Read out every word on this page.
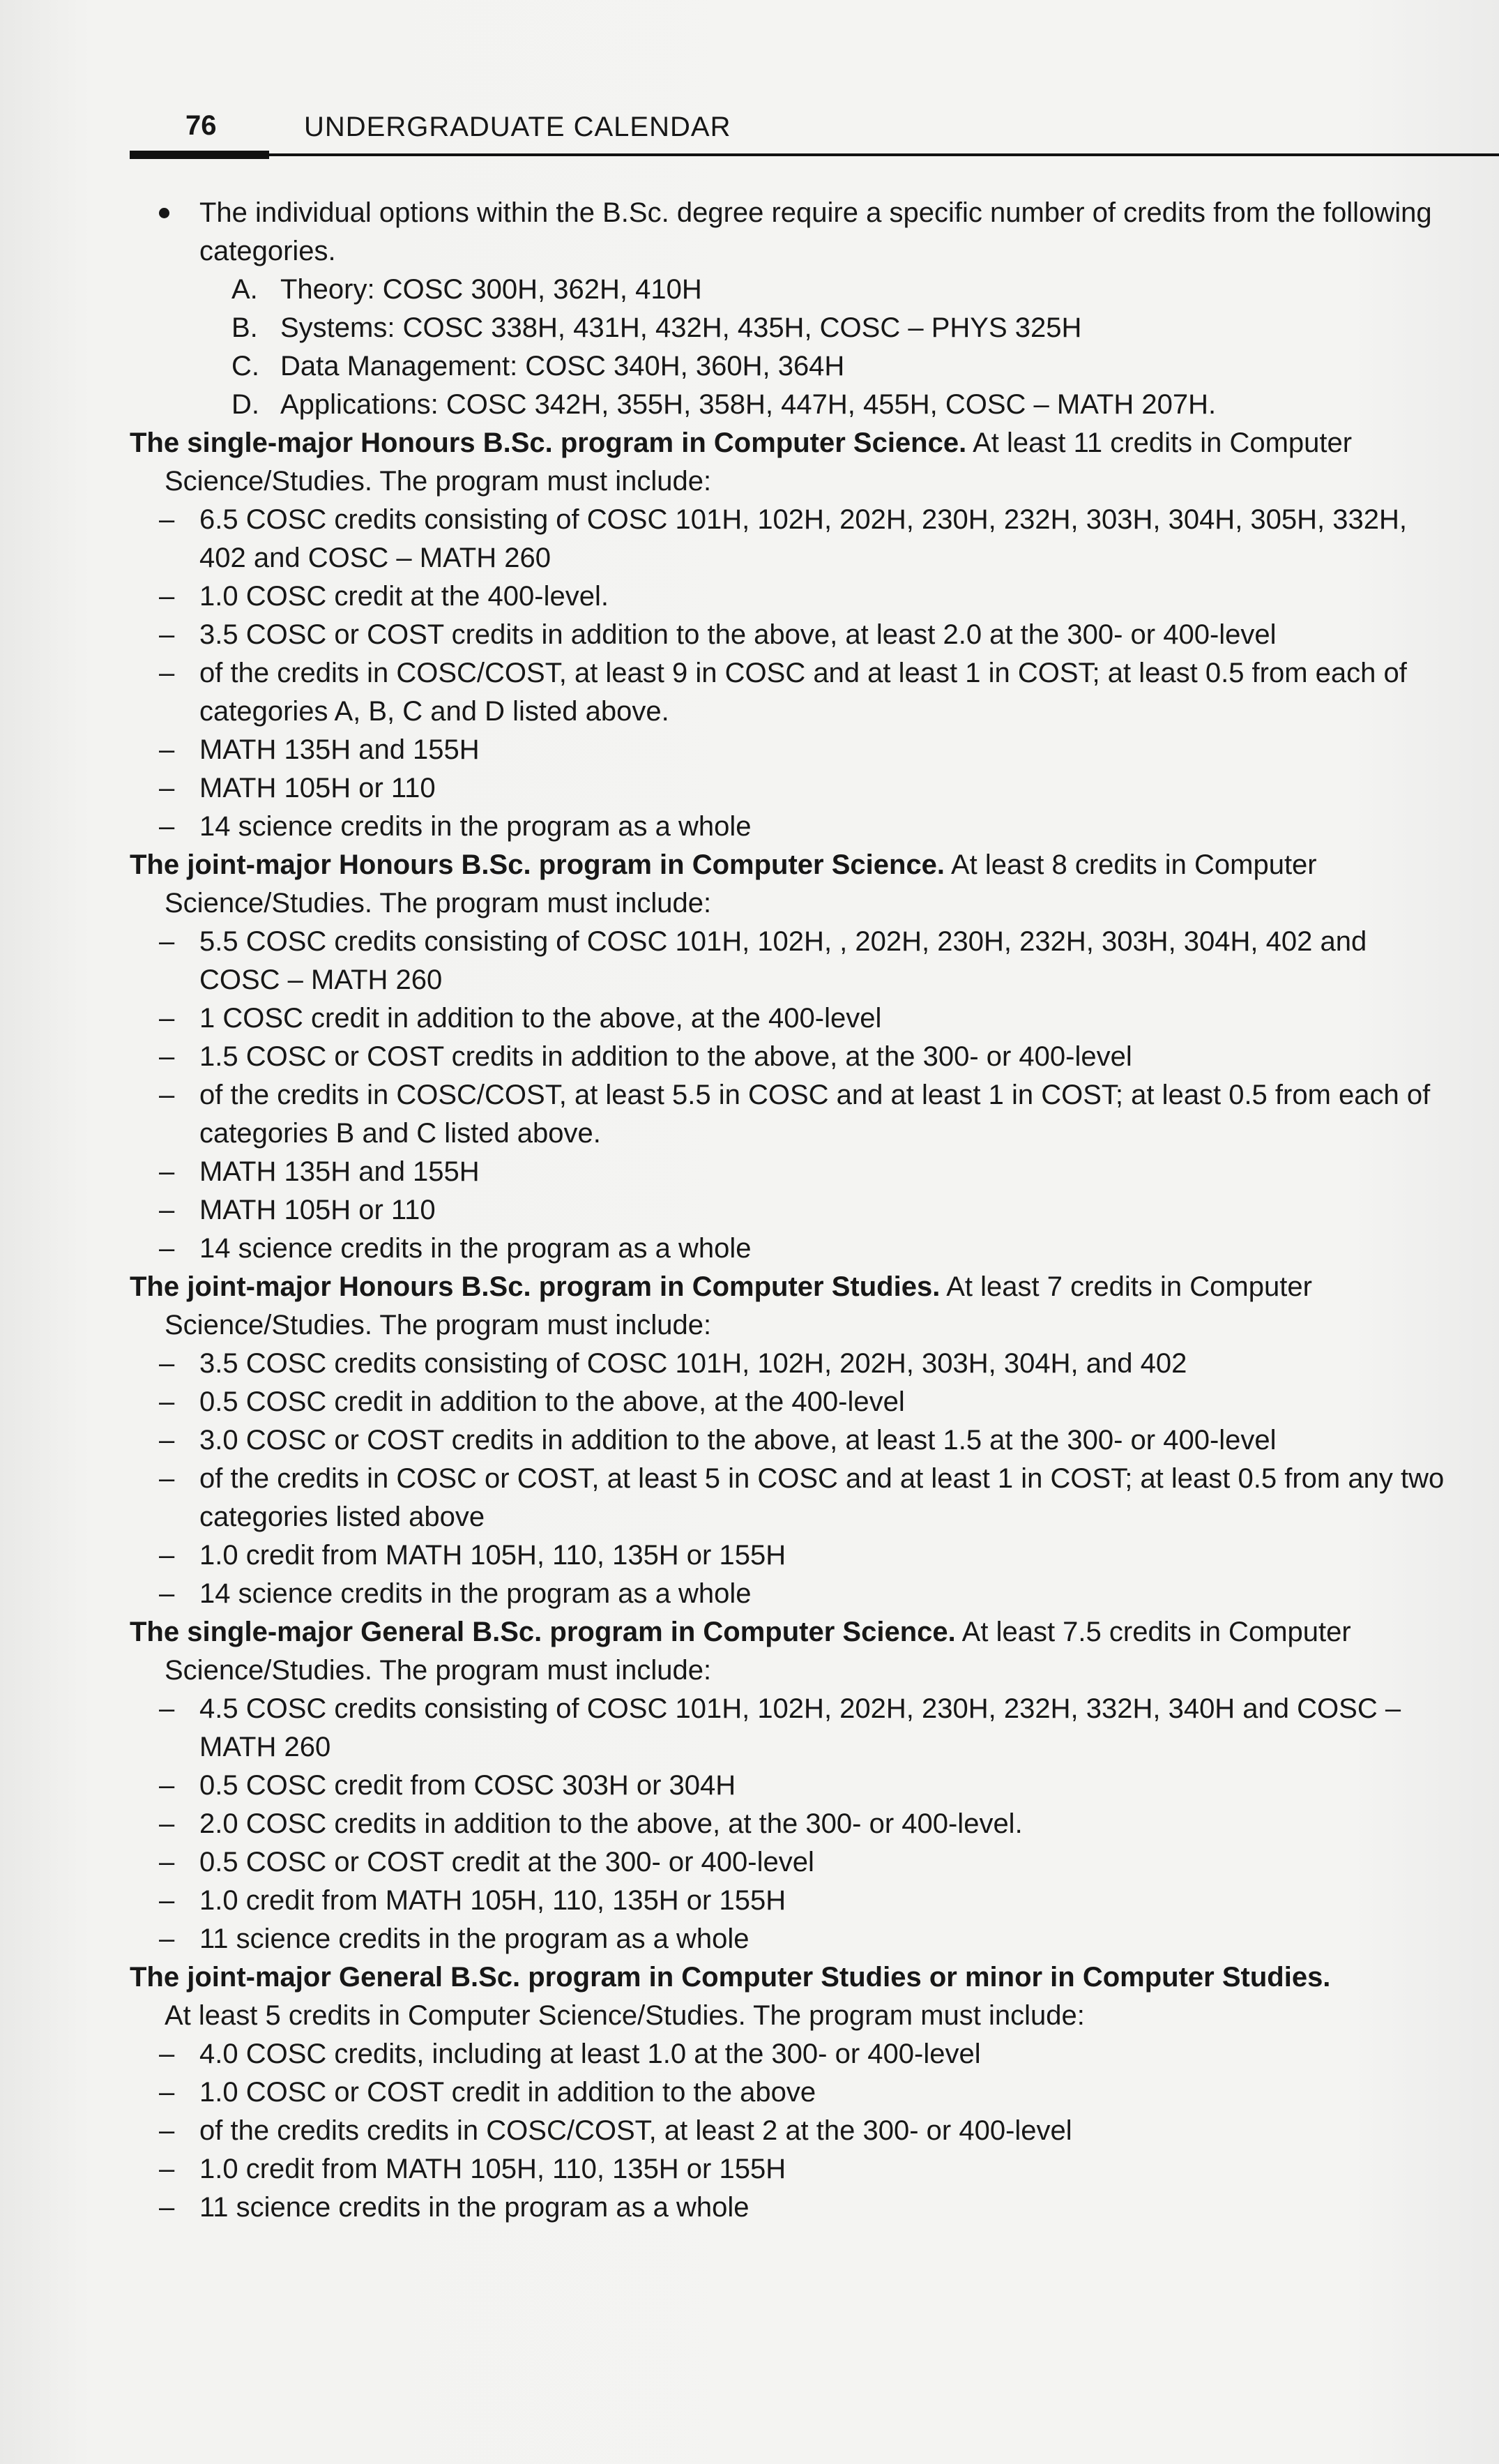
76	UNDERGRADUATE CALENDAR
The individual options within the B.Sc. degree require a specific number of credits from the following categories.
A. Theory: COSC 300H, 362H, 410H
B. Systems: COSC 338H, 431H, 432H, 435H, COSC – PHYS 325H
C. Data Management: COSC 340H, 360H, 364H
D. Applications: COSC 342H, 355H, 358H, 447H, 455H, COSC – MATH 207H.
The single-major Honours B.Sc. program in Computer Science. At least 11 credits in Computer
Science/Studies. The program must include:
– 6.5 COSC credits consisting of COSC 101H, 102H, 202H, 230H, 232H, 303H, 304H, 305H, 332H, 402 and COSC – MATH 260
– 1.0 COSC credit at the 400-level.
– 3.5 COSC or COST credits in addition to the above, at least 2.0 at the 300- or 400-level
– of the credits in COSC/COST, at least 9 in COSC and at least 1 in COST; at least 0.5 from each of categories A, B, C and D listed above.
– MATH 135H and 155H
– MATH 105H or 110
– 14 science credits in the program as a whole
The joint-major Honours B.Sc. program in Computer Science. At least 8 credits in Computer
Science/Studies. The program must include:
– 5.5 COSC credits consisting of COSC 101H, 102H, , 202H, 230H, 232H, 303H, 304H, 402 and COSC – MATH 260
– 1 COSC credit in addition to the above, at the 400-level
– 1.5 COSC or COST credits in addition to the above, at the 300- or 400-level
– of the credits in COSC/COST, at least 5.5 in COSC and at least 1 in COST; at least 0.5 from each of categories B and C listed above.
– MATH 135H and 155H
– MATH 105H or 110
– 14 science credits in the program as a whole
The joint-major Honours B.Sc. program in Computer Studies. At least 7 credits in Computer
Science/Studies. The program must include:
– 3.5 COSC credits consisting of COSC 101H, 102H, 202H, 303H, 304H, and 402
– 0.5 COSC credit in addition to the above, at the 400-level
– 3.0 COSC or COST credits in addition to the above, at least 1.5 at the 300- or 400-level
– of the credits in COSC or COST, at least 5 in COSC and at least 1 in COST; at least 0.5 from any two categories listed above
– 1.0 credit from MATH 105H, 110, 135H or 155H
– 14 science credits in the program as a whole
The single-major General B.Sc. program in Computer Science. At least 7.5 credits in Computer
Science/Studies. The program must include:
– 4.5 COSC credits consisting of COSC 101H, 102H, 202H, 230H, 232H, 332H, 340H and COSC – MATH 260
– 0.5 COSC credit from COSC 303H or 304H
– 2.0 COSC credits in addition to the above, at the 300- or 400-level.
– 0.5 COSC or COST credit at the 300- or 400-level
– 1.0 credit from MATH 105H, 110, 135H or 155H
– 11 science credits in the program as a whole
The joint-major General B.Sc. program in Computer Studies or minor in Computer Studies.
At least 5 credits in Computer Science/Studies. The program must include:
– 4.0 COSC credits, including at least 1.0 at the 300- or 400-level
– 1.0 COSC or COST credit in addition to the above
– of the credits credits in COSC/COST, at least 2 at the 300- or 400-level
– 1.0 credit from MATH 105H, 110, 135H or 155H
– 11 science credits in the program as a whole
